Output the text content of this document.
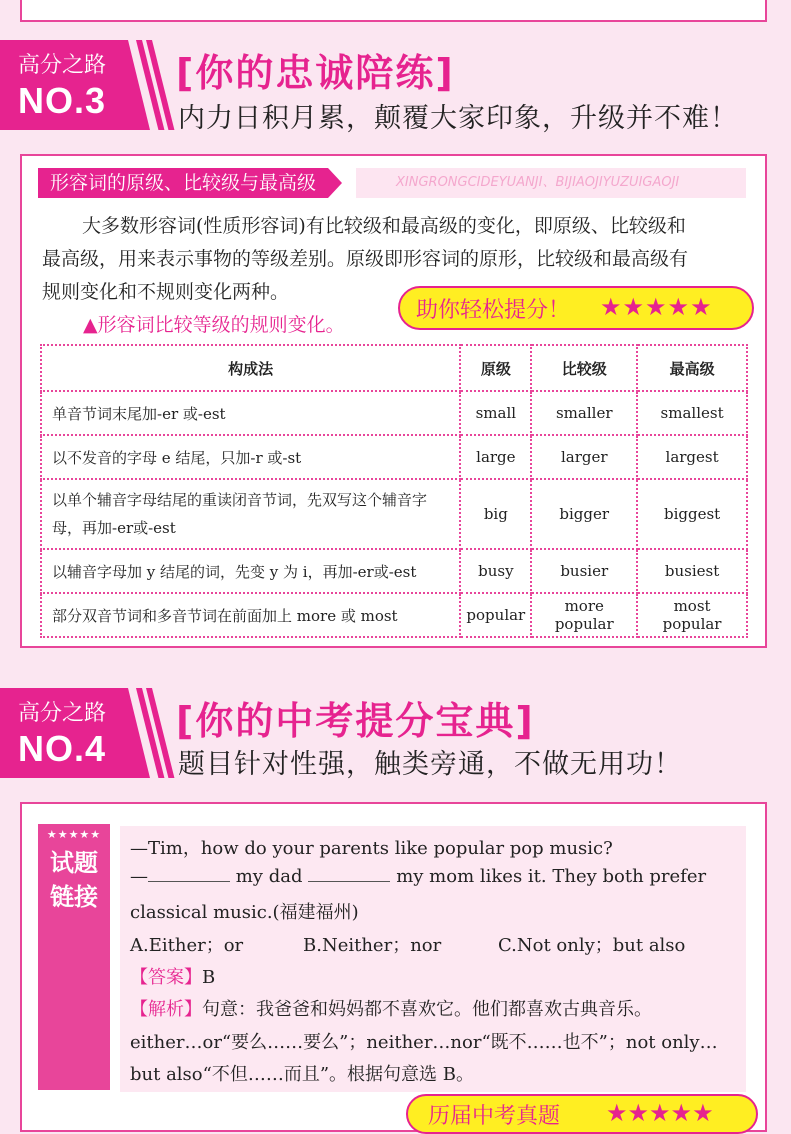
高分之路
NO.3
[你的忠诚陪练]
内力日积月累，颠覆大家印象，升级并不难！
形容词的原级、比较级与最高级	XINGRONGCIDEYUANJI、BIJIAOJIYUZUIGAOJI
大多数形容词(性质形容词)有比较级和最高级的变化，即原级、比较级和
最高级，用来表示事物的等级差别。原级即形容词的原形，比较级和最高级有
规则变化和不规则变化两种。
▲形容词比较等级的规则变化。
助你轻松提分！ ★★★★★
构成法	原级	比较级	最高级
单音节词末尾加-er 或-est	small	smaller	smallest
以不发音的字母 e 结尾，只加-r 或-st	large	larger	largest
以单个辅音字母结尾的重读闭音节词，先双写这个辅音字母，再加-er或-est	big	bigger	biggest
以辅音字母加 y 结尾的词，先变 y 为 i，再加-er或-est	busy	busier	busiest
部分双音节词和多音节词在前面加上 more 或 most	popular	more popular	most popular
高分之路
NO.4
[你的中考提分宝典]
题目针对性强，触类旁通，不做无用功！
★★★★★
试题
链接
—Tim，how do your parents like popular pop music?
—	my dad	my mom likes it. They both prefer
classical music.(福建福州)
A.Either；or	B.Neither；nor	C.Not only；but also
【答案】B
【解析】句意：我爸爸和妈妈都不喜欢它。他们都喜欢古典音乐。
either…or“要么……要么”；neither…nor“既不……也不”；not only…
but also“不但……而且”。根据句意选 B。
历届中考真题 ★★★★★
